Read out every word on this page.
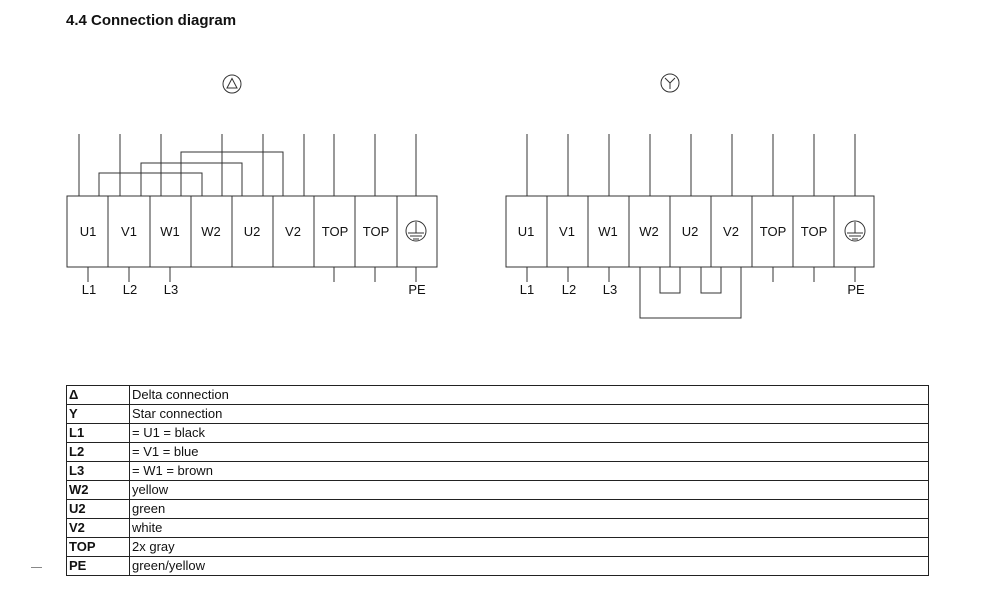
4.4 Connection diagram
U1 V1 W1 W2 U2 V2 TOP TOP
L1 L2 L3	PE
U1 V1 W1 W2 U2 V2 TOP TOP
L1 L2 L3	PE
Δ	Delta connection
Y	Star connection
L1	= U1 = black
L2	= V1 = blue
L3	= W1 = brown
W2	yellow
U2	green
V2	white
TOP	2x gray
PE	green/yellow
